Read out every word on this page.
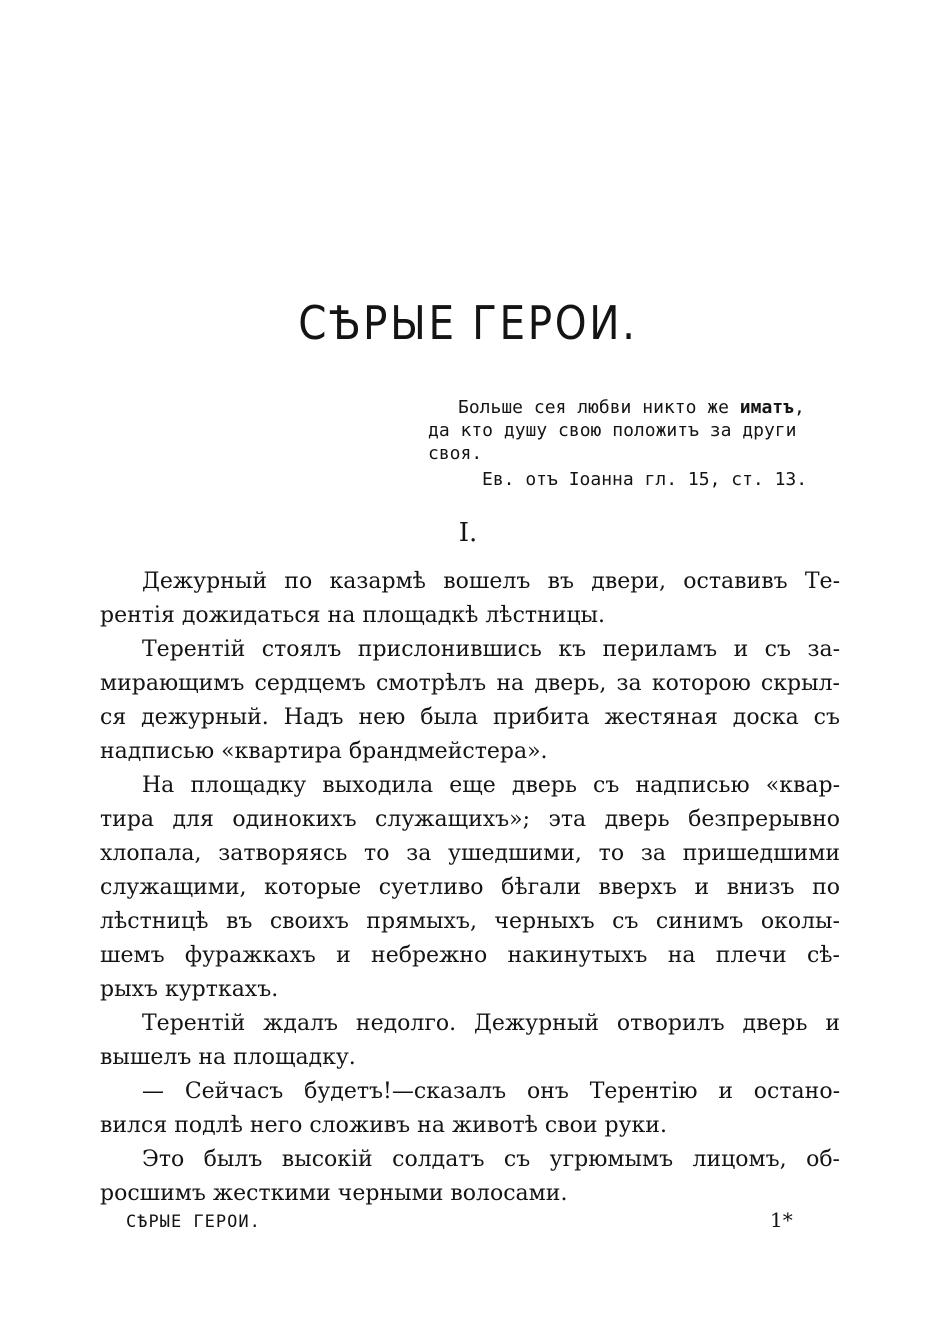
СѢРЫЕ ГЕРОИ.
Больше сея любви никто же иматъ,
да кто душу свою положитъ за други
своя.
Ев. отъ Іоанна гл. 15, ст. 13.
I.
Дежурный по казармѣ вошелъ въ двери, оставивъ Те-
рентія дожидаться на площадкѣ лѣстницы.
Терентій стоялъ прислонившись къ периламъ и съ за-
мирающимъ сердцемъ смотрѣлъ на дверь, за которою скрыл-
ся дежурный. Надъ нею была прибита жестяная доска съ
надписью «квартира брандмейстера».
На площадку выходила еще дверь съ надписью «квар-
тира для одинокихъ служащихъ»; эта дверь безпрерывно
хлопала, затворяясь то за ушедшими, то за пришедшими
служащими, которые суетливо бѣгали вверхъ и внизъ по
лѣстницѣ въ своихъ прямыхъ, черныхъ съ синимъ околы-
шемъ фуражкахъ и небрежно накинутыхъ на плечи сѣ-
рыхъ курткахъ.
Терентій ждалъ недолго. Дежурный отворилъ дверь и
вышелъ на площадку.
— Сейчасъ будетъ!—сказалъ онъ Терентію и остано-
вился подлѣ него сложивъ на животѣ свои руки.
Это былъ высокій солдатъ съ угрюмымъ лицомъ, об-
росшимъ жесткими черными волосами.
СѢРЫЕ ГЕРОИ.	1*
